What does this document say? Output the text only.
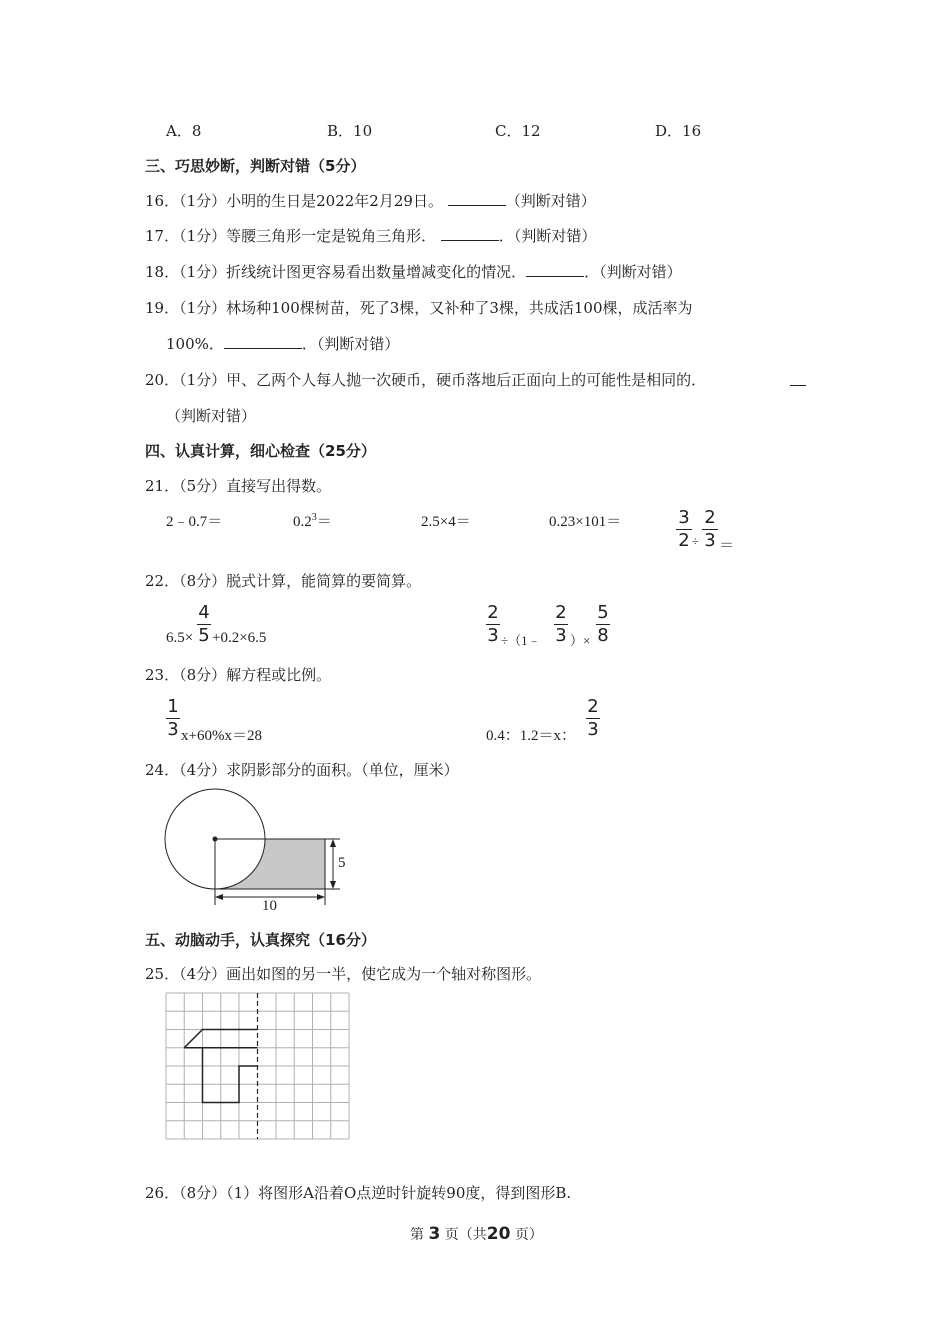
A．8	B．10	C．12	D．16
三、巧思妙断，判断对错（5分）
16．（1分）小明的生日是2022年2月29日。	（判断对错）
17．（1分）等腰三角形一定是锐角三角形．	．（判断对错）
18．（1分）折线统计图更容易看出数量增减变化的情况．	．（判断对错）
19．（1分）林场种100棵树苗，死了3棵，又补种了3棵，共成活100棵，成活率为
100%．	．（判断对错）
20．（1分）甲、乙两个人每人抛一次硬币，硬币落地后正面向上的可能性是相同的．
（判断对错）
四、认真计算，细心检查（25分）
21．（5分）直接写出得数。
2﹣0.7＝	$0.2^3=$	2.5×4＝	0.23×101＝	3
2 ÷
2
3 ＝
22．（8分）脱式计算，能简算的要简算。
6.5×
4
5 +0.2×6.5
2
3 ÷（1﹣
2
3 ）×
5
8
23．（8分）解方程或比例。
1
3 x+60%x＝28	0.4：1.2＝x：
2
3
24．（4分）求阴影部分的面积。（单位，厘米）
5
10
五、动脑动手，认真探究（16分）
25．（4分）画出如图的另一半，使它成为一个轴对称图形。
26．（8分）（1）将图形A沿着O点逆时针旋转90度，得到图形B.
第 3 页（共20 页）
